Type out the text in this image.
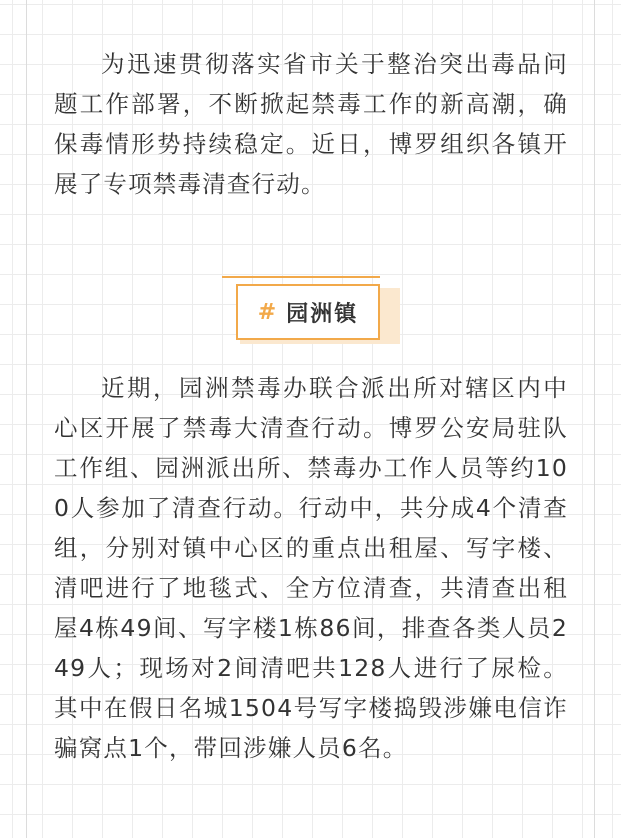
为迅速贯彻落实省市关于整治突出毒品问题工作部署，不断掀起禁毒工作的新高潮，确保毒情形势持续稳定。近日，博罗组织各镇开展了专项禁毒清查行动。

# 园洲镇

近期，园洲禁毒办联合派出所对辖区内中心区开展了禁毒大清查行动。博罗公安局驻队工作组、园洲派出所、禁毒办工作人员等约100人参加了清查行动。行动中，共分成4个清查组，分别对镇中心区的重点出租屋、写字楼、清吧进行了地毯式、全方位清查，共清查出租屋4栋49间、写字楼1栋86间，排查各类人员249人；现场对2间清吧共128人进行了尿检。其中在假日名城1504号写字楼捣毁涉嫌电信诈骗窝点1个，带回涉嫌人员6名。
